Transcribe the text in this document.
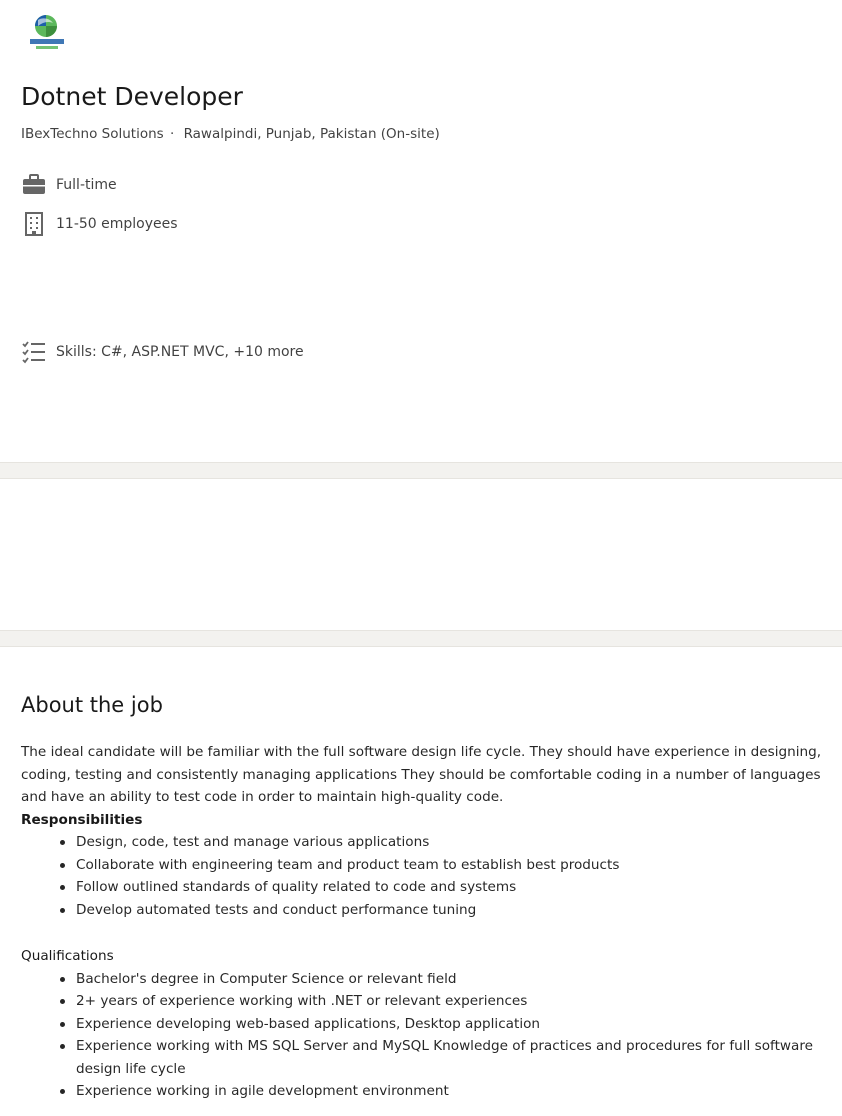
Dotnet Developer
IBexTechno Solutions · Rawalpindi, Punjab, Pakistan (On-site)
Full-time
11-50 employees
Skills: C#, ASP.NET MVC, +10 more
About the job

The ideal candidate will be familiar with the full software design life cycle. They should have experience in designing, coding, testing and consistently managing applications They should be comfortable coding in a number of languages and have an ability to test code in order to maintain high-quality code.

Responsibilities
Design, code, test and manage various applications
Collaborate with engineering team and product team to establish best products
Follow outlined standards of quality related to code and systems
Develop automated tests and conduct performance tuning
Qualifications
Bachelor's degree in Computer Science or relevant field
2+ years of experience working with .NET or relevant experiences
Experience developing web-based applications, Desktop application
Experience working with MS SQL Server and MySQL Knowledge of practices and procedures for full software design life cycle
Experience working in agile development environment
